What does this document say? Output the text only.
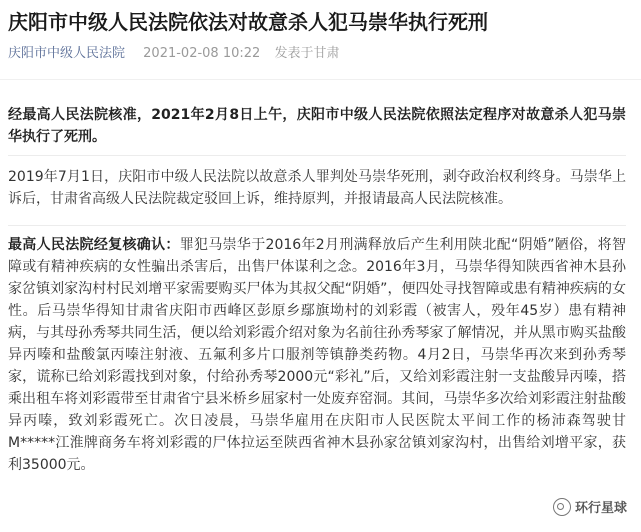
庆阳市中级人民法院依法对故意杀人犯马崇华执行死刑
庆阳市中级人民法院 2021-02-08 10:22 发表于甘肃
经最高人民法院核准，2021年2月8日上午，庆阳市中级人民法院依照法定程序对故意杀人犯马崇华执行了死刑。
2019年7月1日，庆阳市中级人民法院以故意杀人罪判处马崇华死刑，剥夺政治权利终身。马崇华上诉后，甘肃省高级人民法院裁定驳回上诉，维持原判，并报请最高人民法院核准。
最高人民法院经复核确认：罪犯马崇华于2016年2月刑满释放后产生利用陕北配“阴婚”陋俗，将智障或有精神疾病的女性骗出杀害后，出售尸体谋利之念。2016年3月，马崇华得知陕西省神木县孙家岔镇刘家沟村村民刘增平家需要购买尸体为其叔父配“阴婚”，便四处寻找智障或患有精神疾病的女性。后马崇华得知甘肃省庆阳市西峰区彭原乡鄢旗坳村的刘彩霞（被害人，殁年45岁）患有精神病，与其母孙秀琴共同生活，便以给刘彩霞介绍对象为名前往孙秀琴家了解情况，并从黑市购买盐酸异丙嗪和盐酸氯丙嗪注射液、五氟利多片口服剂等镇静类药物。4月2日，马崇华再次来到孙秀琴家，谎称已给刘彩霞找到对象，付给孙秀琴2000元“彩礼”后，又给刘彩霞注射一支盐酸异丙嗪，搭乘出租车将刘彩霞带至甘肃省宁县米桥乡屈家村一处废弃窑洞。其间，马崇华多次给刘彩霞注射盐酸异丙嗪，致刘彩霞死亡。次日凌晨，马崇华雇用在庆阳市人民医院太平间工作的杨沛森驾驶甘M*****江淮牌商务车将刘彩霞的尸体拉运至陕西省神木县孙家岔镇刘家沟村，出售给刘增平家，获利35000元。
环行星球
